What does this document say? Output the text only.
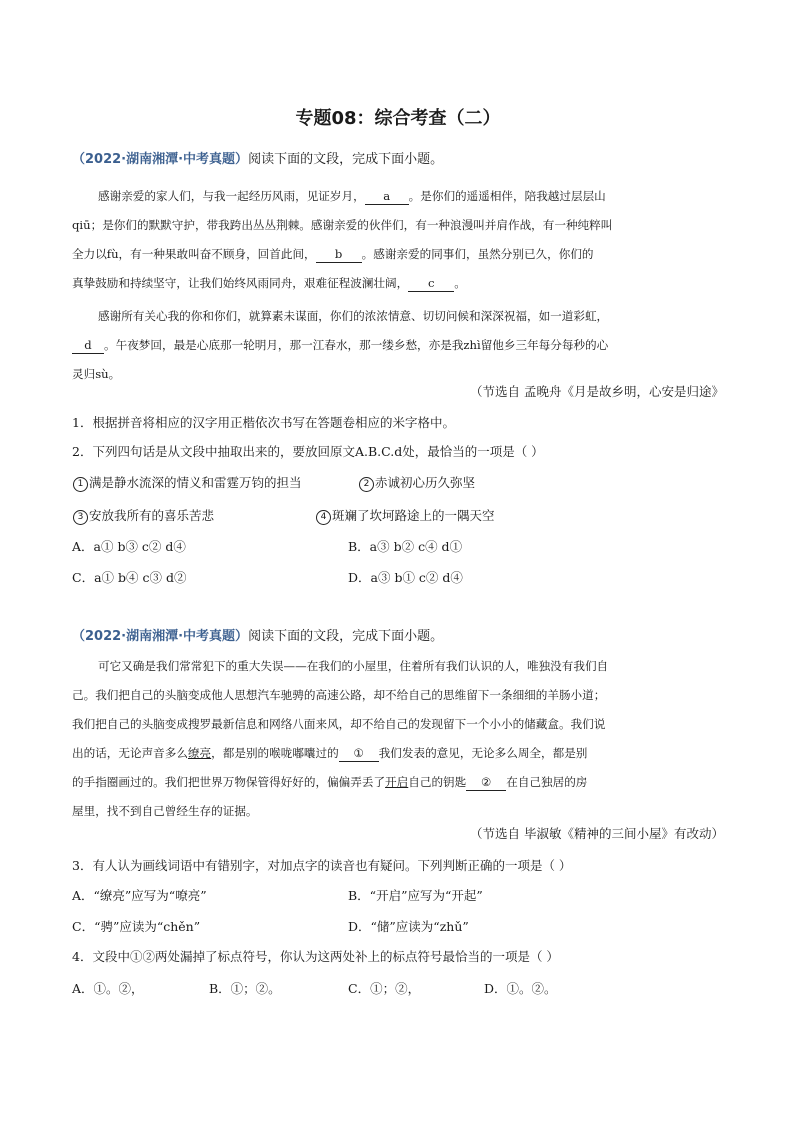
专题08：综合考查（二）
（2022·湖南湘潭·中考真题）阅读下面的文段，完成下面小题。
感谢亲爱的家人们，与我一起经历风雨，见证岁月， a 。是你们的遥遥相伴，陪我越过层层山
qiū；是你们的默默守护，带我跨出丛丛荆棘。感谢亲爱的伙伴们，有一种浪漫叫并肩作战，有一种纯粹叫
全力以fù，有一种果敢叫奋不顾身，回首此间， b 。感谢亲爱的同事们，虽然分别已久，你们的
真挚鼓励和持续坚守，让我们始终风雨同舟，艰难征程波澜壮阔， c 。
感谢所有关心我的你和你们，就算素未谋面，你们的浓浓情意、切切问候和深深祝福，如一道彩虹，
d 。午夜梦回，最是心底那一轮明月，那一江春水，那一缕乡愁，亦是我zhì留他乡三年每分每秒的心
灵归sù。
（节选自 孟晚舟《月是故乡明，心安是归途》
1．根据拼音将相应的汉字用正楷依次书写在答题卷相应的米字格中。
2．下列四句话是从文段中抽取出来的，要放回原文A.B.C.d处，最恰当的一项是（ ）
1 满是静水流深的情义和雷霆万钧的担当	2 赤诚初心历久弥坚
3 安放我所有的喜乐苦悲	4 斑斓了坎坷路途上的一隅天空
A．a① b③ c② d④	B．a③ b② c④ d①
C．a① b④ c③ d②	D．a③ b① c② d④
（2022·湖南湘潭·中考真题）阅读下面的文段，完成下面小题。
可它又确是我们常常犯下的重大失误——在我们的小屋里，住着所有我们认识的人，唯独没有我们自
己。我们把自己的头脑变成他人思想汽车驰骋的高速公路，却不给自己的思维留下一条细细的羊肠小道；
我们把自己的头脑变成搜罗最新信息和网络八面来风，却不给自己的发现留下一个小小的储藏盒。我们说
出的话，无论声音多么缭亮，都是别的喉咙嘟囔过的 ① 我们发表的意见，无论多么周全，都是别
的手指圈画过的。我们把世界万物保管得好好的，偏偏弄丢了开启自己的钥匙 ② 在自己独居的房
屋里，找不到自己曾经生存的证据。
（节选自 毕淑敏《精神的三间小屋》有改动）
3．有人认为画线词语中有错别字，对加点字的读音也有疑问。下列判断正确的一项是（ ）
A．“缭亮”应写为“嘹亮”	B．“开启”应写为“开起”
C．“骋”应读为“chěn”	D．“储”应读为“zhǔ”
4．文段中①②两处漏掉了标点符号，你认为这两处补上的标点符号最恰当的一项是（ ）
A．①。②，	B．①；②。	C．①；②，	D．①。②。
